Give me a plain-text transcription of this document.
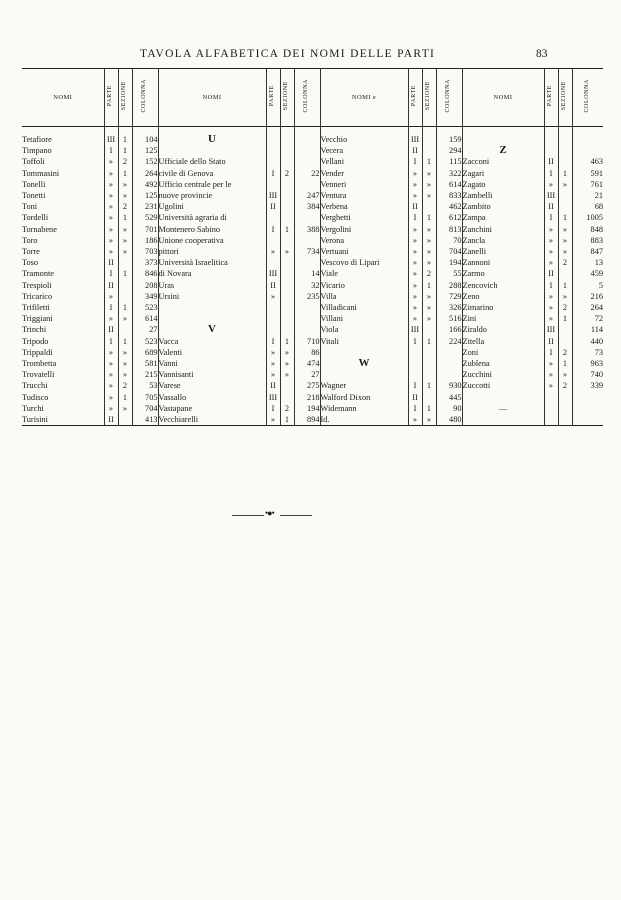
TAVOLA ALFABETICA DEI NOMI DELLE PARTI	83
NOMI	PARTE	SEZIONE	COLONNA	NOMI	PARTE	SEZIONE	COLONNA	NOMI e	PARTE	SEZIONE	COLONNA	NOMI	PARTE	SEZIONE	COLONNA

Tetafiore	III	1	104	U				Vecchio	III		159				
Timpano	I	1	125					Vecera	II		294	Z			
Toffoli	»	2	152	Ufficiale dello Stato				Vellani	I	1	115	Zacconi	II		463
Tommasini	»	1	264	civile di Genova	I	2	22	Vender	»	»	322	Zagari	I	1	591
Tonelli	»	»	492	Ufficio centrale per le				Venneri	»	»	614	Zagato	»	»	761
Tonetti	»	»	125	nuove provincie	III		247	Ventura	»	»	833	Zambelli	III		21
Toni	»	2	231	Ugolini	II		384	Verbena	II		462	Zambito	II		68
Tordelli	»	1	529	Università agraria di				Verghetti	I	1	612	Zampa	I	1	1005
Tornabene	»	»	701	Montenero Sabino	I	1	388	Vergolini	»	»	813	Zanchini	»	»	848
Toro	»	»	186	Unione cooperativa				Verona	»	»	70	Zancla	»	»	883
Torre	»	»	703	pittori	»	»	734	Vertuani	»	»	704	Zanelli	»	»	847
Toso	II		373	Università Israelitica				Vescovo di Lipari	»	»	194	Zannoni	»	2	13
Tramonte	I	1	846	di Novara	III		14	Viale	»	2	55	Zarmo	II		459
Trespioli	II		208	Uras	II		32	Vicario	»	1	288	Zencovich	I	1	5
Tricarico	»		349	Ursini	»		235	Villa	»	»	729	Zeno	»	»	216
Trifiletti	I	1	523					Villadicani	»	»	326	Zimarino	»	2	264
Triggiani	»	»	614					Villani	»	»	516	Zini	»	1	72
Trinchi	II		27	V				Viola	III		166	Ziraldo	III		114
Tripodo	I	1	523	Vacca	I	1	710	Vitali	I	1	224	Zitella	II		440
Trippaldi	»	»	689	Valenti	»	»	86					Zoni	I	2	73
Trombetta	»	»	581	Vanni	»	»	474	W				Zublena	»	1	963
Trovatelli	»	»	215	Vannisanti	»	»	27					Zucchini	»	»	740
Trucchi	»	2	53	Varese	II		275	Wagner	I	1	930	Zuccotti	»	2	339
Tudisco	»	1	705	Vassallo	III		218	Walford Dixon	II		445				
Turchi	»	»	704	Vastapane	I	2	194	Widemann	I	1	90	—			
Turisini	II		413	Vecchiarelli	»	1	894	Id.	»	»	480				
•●•
